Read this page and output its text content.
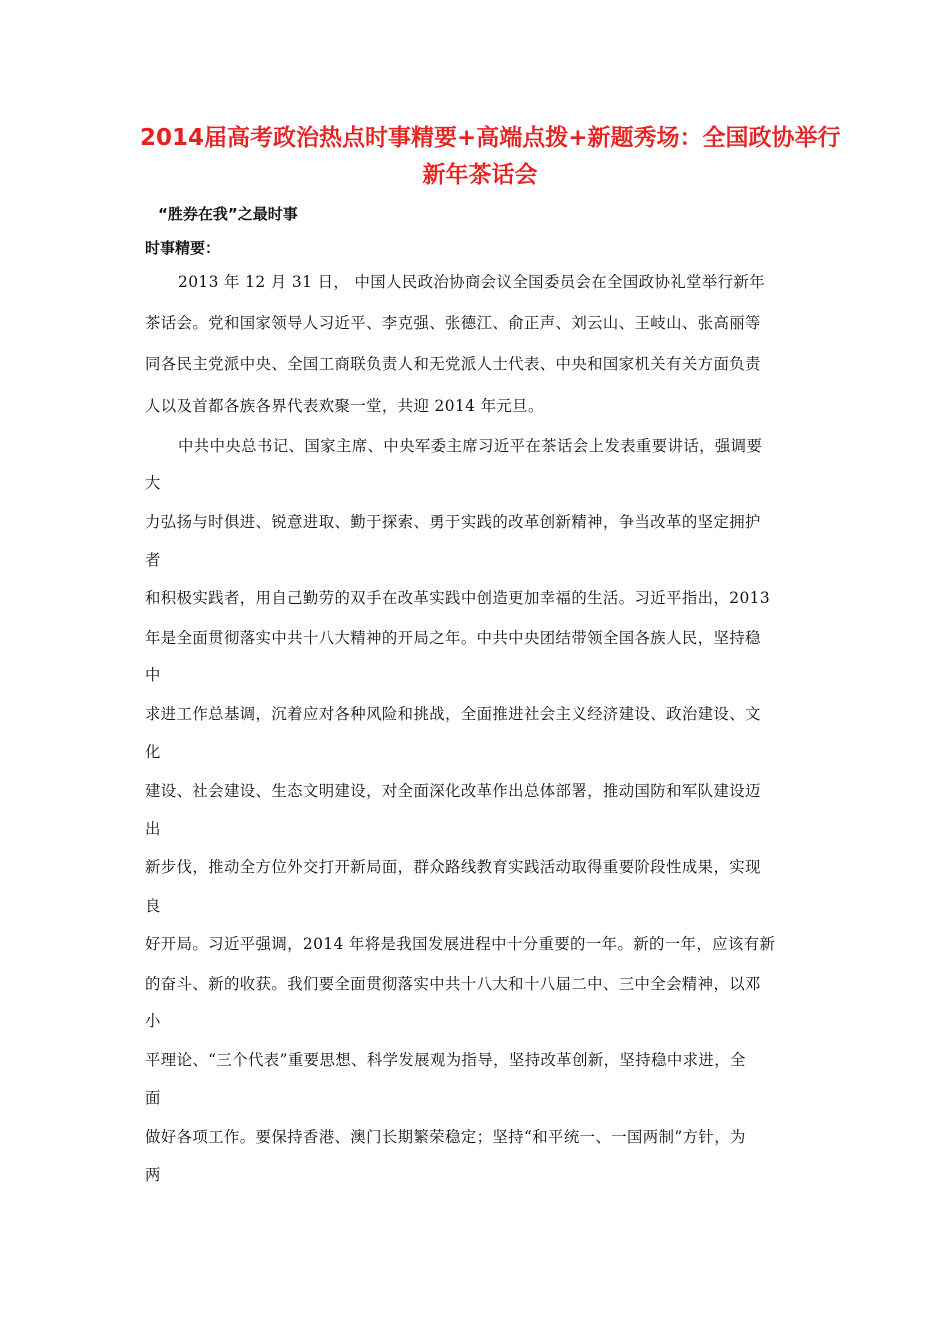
2014届高考政治热点时事精要+高端点拨+新题秀场：全国政协举行
新年茶话会
“胜券在我”之最时事
时事精要：
2013 年 12 月 31 日， 中国人民政治协商会议全国委员会在全国政协礼堂举行新年
茶话会。党和国家领导人习近平、李克强、张德江、俞正声、刘云山、王岐山、张高丽等
同各民主党派中央、全国工商联负责人和无党派人士代表、中央和国家机关有关方面负责
人以及首都各族各界代表欢聚一堂，共迎 2014 年元旦。
中共中央总书记、国家主席、中央军委主席习近平在茶话会上发表重要讲话，强调要
大
力弘扬与时俱进、锐意进取、勤于探索、勇于实践的改革创新精神，争当改革的坚定拥护
者
和积极实践者，用自己勤劳的双手在改革实践中创造更加幸福的生活。习近平指出，2013
年是全面贯彻落实中共十八大精神的开局之年。中共中央团结带领全国各族人民，坚持稳
中
求进工作总基调，沉着应对各种风险和挑战，全面推进社会主义经济建设、政治建设、文
化
建设、社会建设、生态文明建设，对全面深化改革作出总体部署，推动国防和军队建设迈
出
新步伐，推动全方位外交打开新局面，群众路线教育实践活动取得重要阶段性成果，实现
良
好开局。习近平强调，2014 年将是我国发展进程中十分重要的一年。新的一年，应该有新
的奋斗、新的收获。我们要全面贯彻落实中共十八大和十八届二中、三中全会精神，以邓
小
平理论、“三个代表”重要思想、科学发展观为指导，坚持改革创新，坚持稳中求进，全
面
做好各项工作。要保持香港、澳门长期繁荣稳定；坚持“和平统一、一国两制”方针，为
两
